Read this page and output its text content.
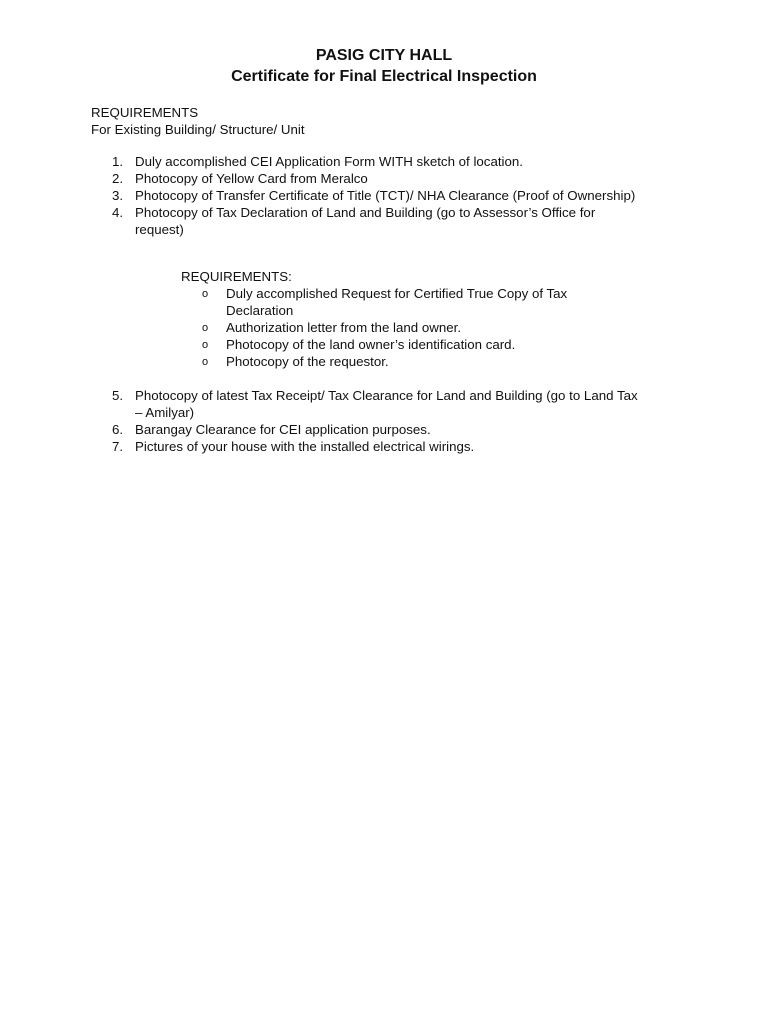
PASIG CITY HALL
Certificate for Final Electrical Inspection

REQUIREMENTS

For Existing Building/ Structure/ Unit

1. Duly accomplished CEI Application Form WITH sketch of location.
2. Photocopy of Yellow Card from Meralco
3. Photocopy of Transfer Certificate of Title (TCT)/ NHA Clearance (Proof of Ownership)
4. Photocopy of Tax Declaration of Land and Building (go to Assessor’s Office for request)

REQUIREMENTS:

o Duly accomplished Request for Certified True Copy of Tax Declaration
o Authorization letter from the land owner.
o Photocopy of the land owner’s identification card.
o Photocopy of the requestor.
5. Photocopy of latest Tax Receipt/ Tax Clearance for Land and Building (go to Land Tax – Amilyar)
6. Barangay Clearance for CEI application purposes.
7. Pictures of your house with the installed electrical wirings.
